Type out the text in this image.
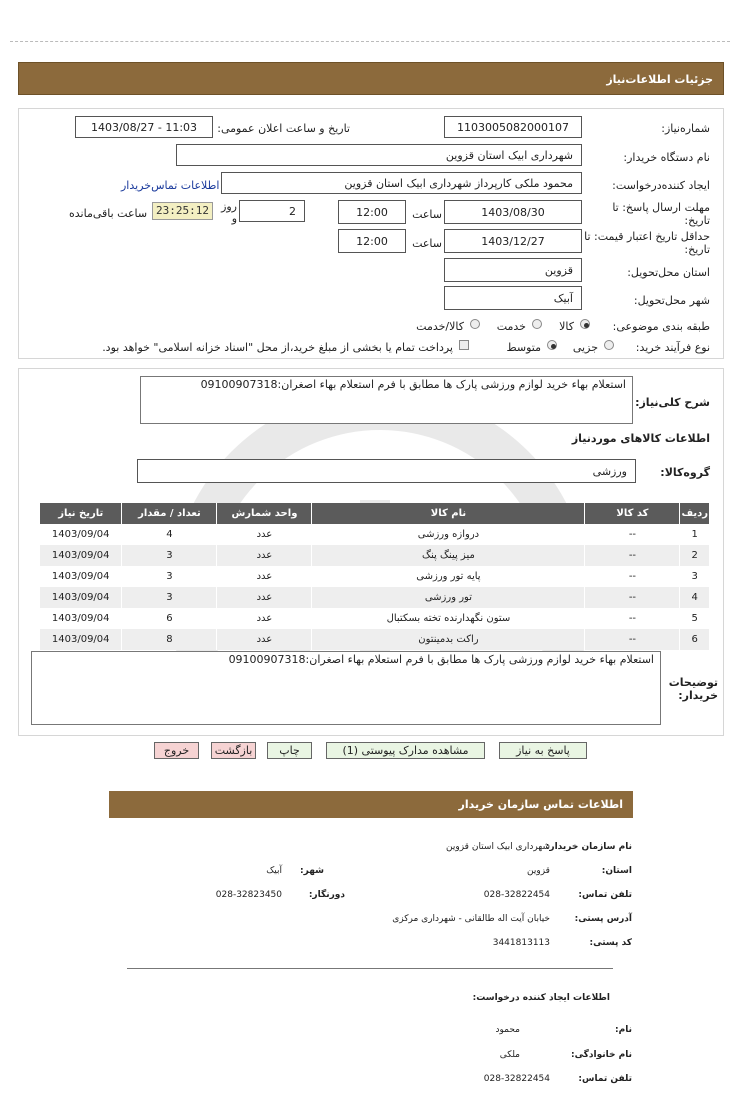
جزئیات اطلاعات‌نیاز
شماره‌نیاز:
1103005082000107
تاریخ و ساعت اعلان عمومی:
1403/08/27 - 11:03
نام دستگاه خریدار:
شهرداری ابیک استان قزوین
ایجاد کننده‌درخواست:
محمود ملکی کارپرداز شهرداری ابیک استان قزوین
اطلاعات تماس‌خریدار
مهلت ارسال پاسخ: تا تاریخ:
1403/08/30
ساعت
12:00
2
روز و
23:25:12
ساعت باقی‌مانده
حداقل تاریخ اعتبار قیمت: تا تاریخ:
1403/12/27
ساعت
12:00
استان محل‌تحویل:
قزوین
شهر محل‌تحویل:
آبیک
طبقه بندی موضوعی:
کالا
خدمت
کالا/خدمت
نوع فرآیند خرید:
جزیی
متوسط
پرداخت تمام یا بخشی از مبلغ خرید،از محل "اسناد خزانه اسلامی" خواهد بود.
شرح کلی‌نیاز:
استعلام بهاء خرید لوازم ورزشی پارک ها مطابق با فرم استعلام بهاء اصغران:09100907318
اطلاعات کالاهای موردنیاز
گروه‌کالا:
ورزشی
ردیف	کد کالا	نام کالا	واحد شمارش	تعداد / مقدار	تاریخ نیاز
1	--	دروازه ورزشی	عدد	4	1403/09/04
2	--	میز پینگ پنگ	عدد	3	1403/09/04
3	--	پایه تور ورزشی	عدد	3	1403/09/04
4	--	تور ورزشی	عدد	3	1403/09/04
5	--	ستون نگهدارنده تخته بسکتبال	عدد	6	1403/09/04
6	--	راکت بدمینتون	عدد	8	1403/09/04
توضیحات خریدار:
استعلام بهاء خرید لوازم ورزشی پارک ها مطابق با فرم استعلام بهاء اصغران:09100907318
پاسخ به نیاز
مشاهده مدارک پیوستی (1)
چاپ
بازگشت
خروج
اطلاعات تماس سازمان خریدار
نام سازمان خریدار:
شهرداری ابیک استان قزوین
استان:
قزوین
شهر:
آبیک
تلفن تماس:
028-32822454
دورنگار:
028-32823450
آدرس پستی:
خیابان آیت اله طالقانی - شهرداری مرکزی
کد پستی:
3441813113
اطلاعات ایجاد کننده درخواست:
نام:
محمود
نام خانوادگی:
ملکی
تلفن تماس:
028-32822454
